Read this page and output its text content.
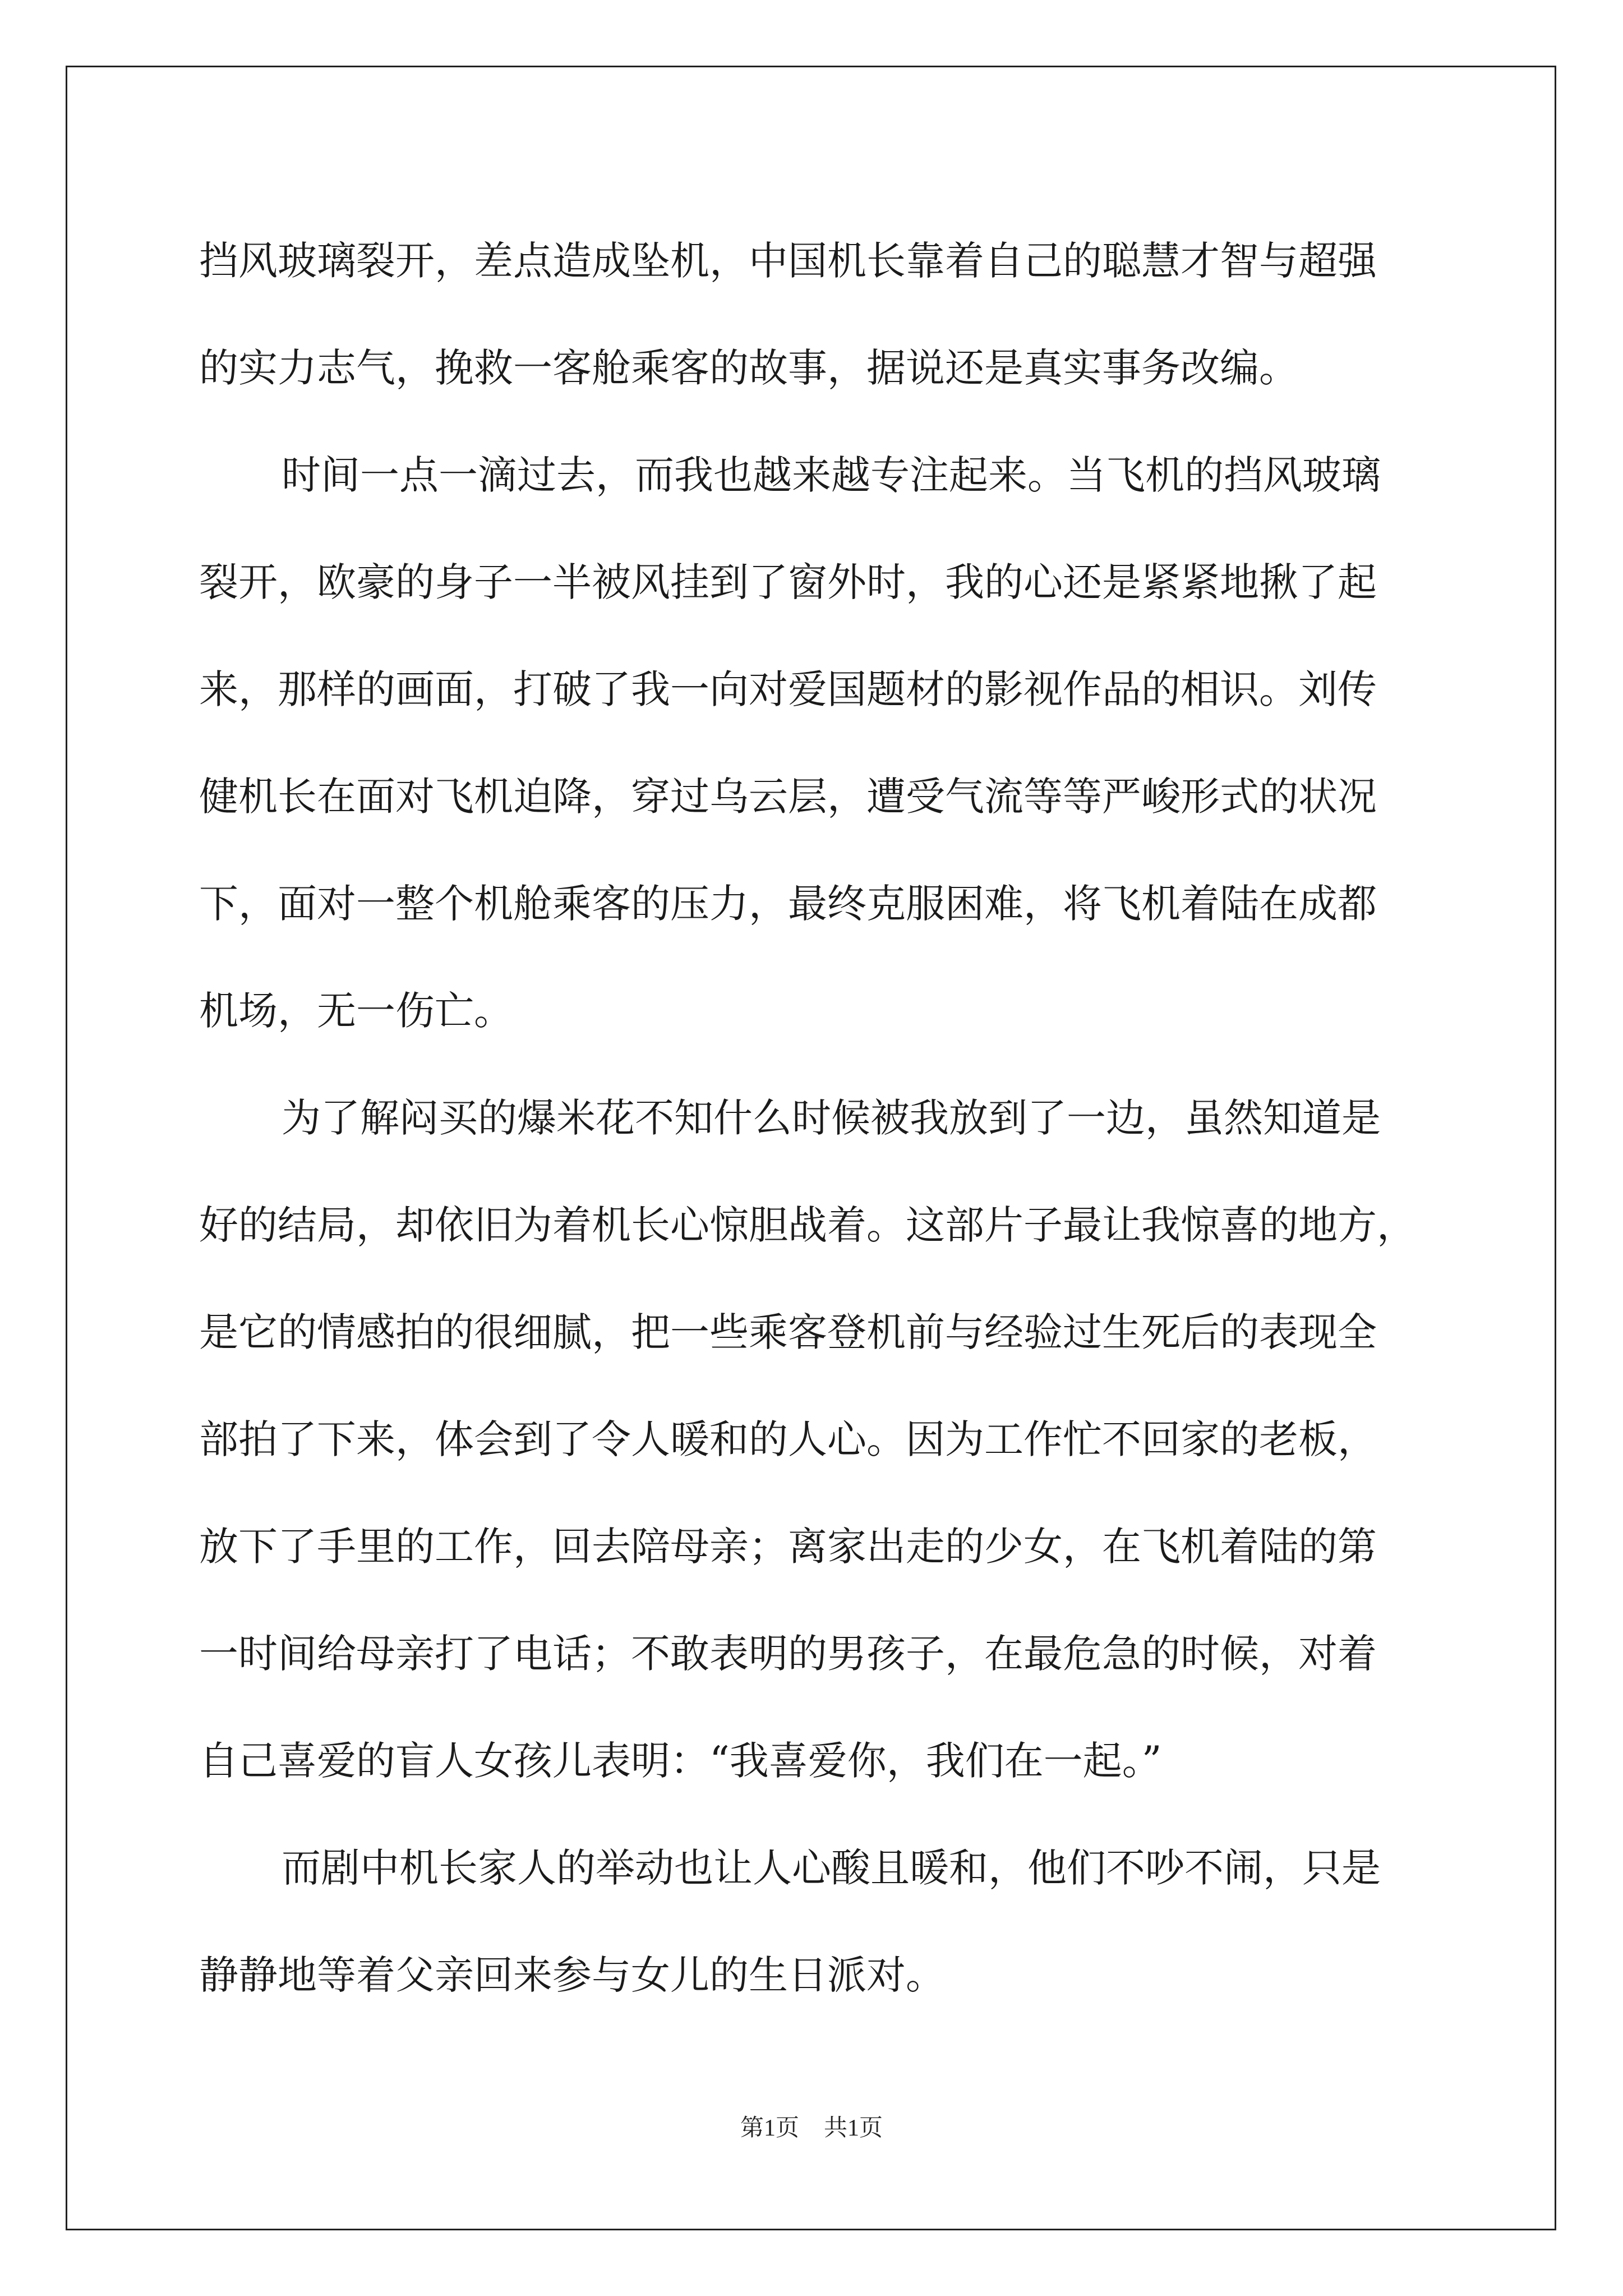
挡风玻璃裂开，差点造成坠机，中国机长靠着自己的聪慧才智与超强
的实力志气，挽救一客舱乘客的故事，据说还是真实事务改编。
时间一点一滴过去，而我也越来越专注起来。当飞机的挡风玻璃
裂开，欧豪的身子一半被风挂到了窗外时，我的心还是紧紧地揪了起
来，那样的画面，打破了我一向对爱国题材的影视作品的相识。刘传
健机长在面对飞机迫降，穿过乌云层，遭受气流等等严峻形式的状况
下，面对一整个机舱乘客的压力，最终克服困难，将飞机着陆在成都
机场，无一伤亡。
为了解闷买的爆米花不知什么时候被我放到了一边，虽然知道是
好的结局，却依旧为着机长心惊胆战着。这部片子最让我惊喜的地方，
是它的情感拍的很细腻，把一些乘客登机前与经验过生死后的表现全
部拍了下来，体会到了令人暖和的人心。因为工作忙不回家的老板，
放下了手里的工作，回去陪母亲；离家出走的少女，在飞机着陆的第
一时间给母亲打了电话；不敢表明的男孩子，在最危急的时候，对着
自己喜爱的盲人女孩儿表明：“我喜爱你，我们在一起。”
而剧中机长家人的举动也让人心酸且暖和，他们不吵不闹，只是
静静地等着父亲回来参与女儿的生日派对。
第1页 共1页
